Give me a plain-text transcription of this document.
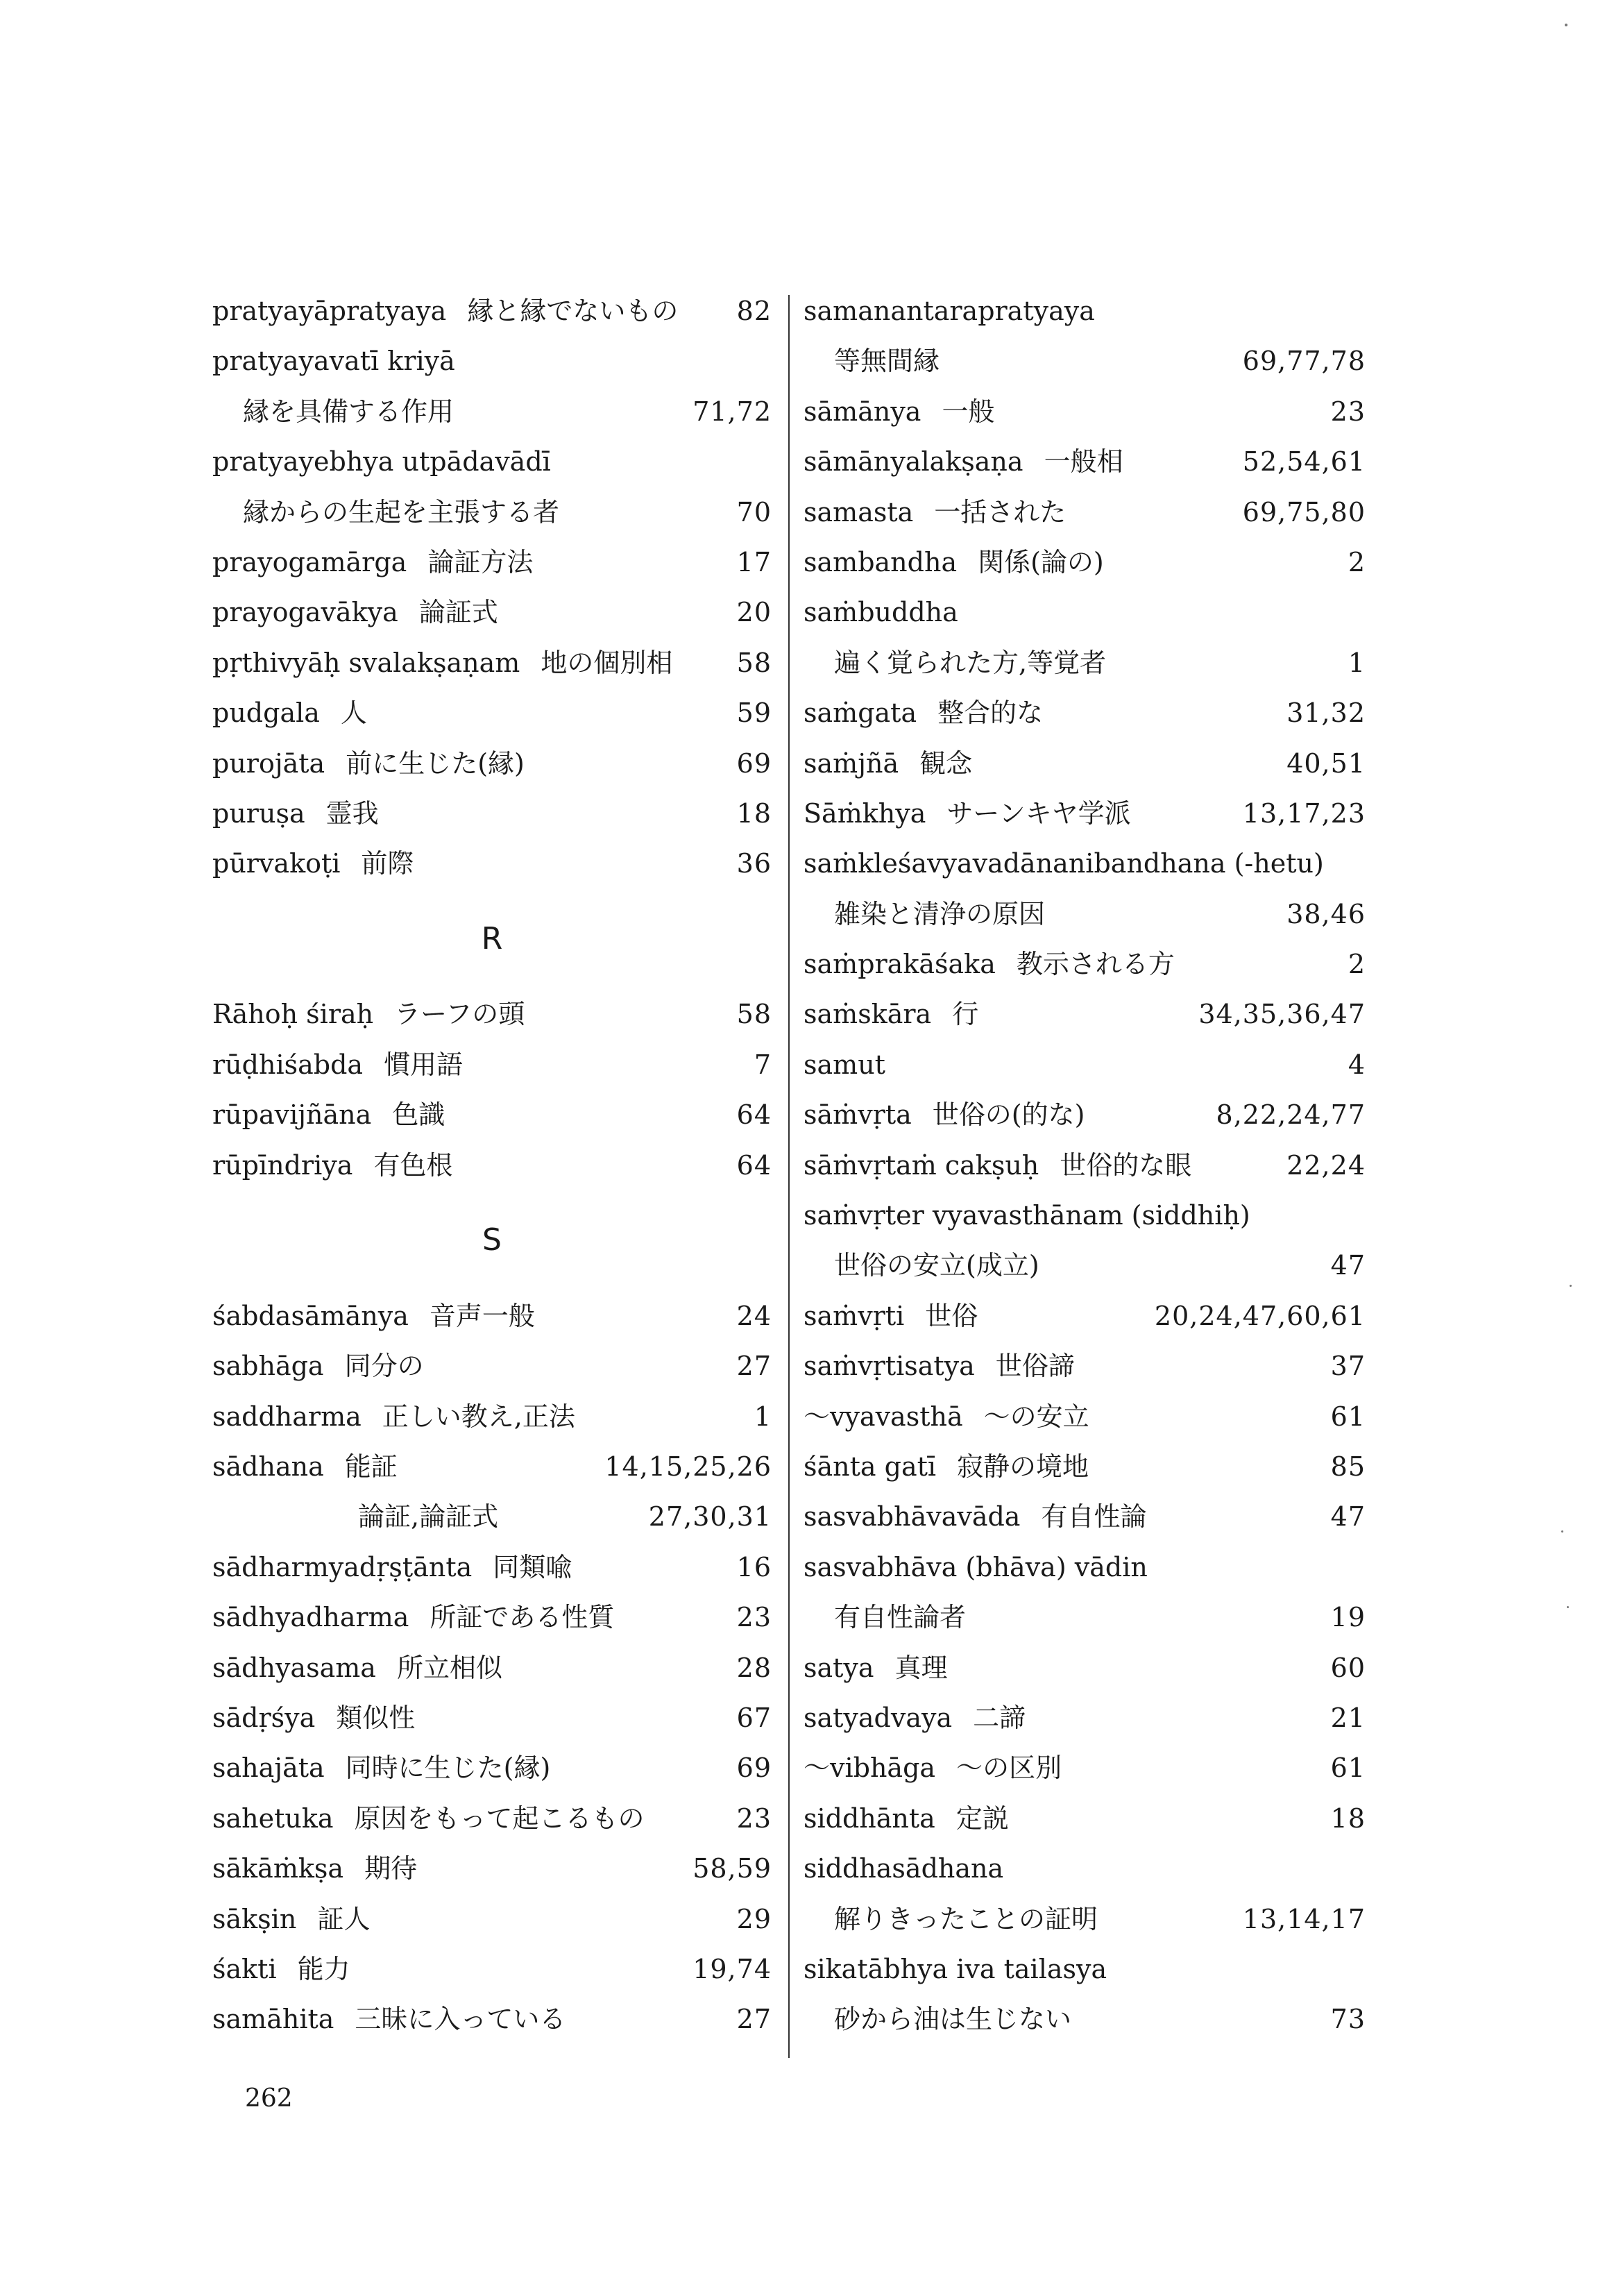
pratyayāpratyaya 縁と縁でないもの 82
pratyayavatī kriyā
縁を具備する作用	71,72
pratyayebhya utpādavādī
縁からの生起を主張する者	70
prayogamārga 論証方法	17
prayogavākya 論証式	20
pṛthivyāḥ svalakṣaṇam 地の個別相 58
pudgala 人	59
purojāta 前に生じた(縁)	69
puruṣa 霊我	18
pūrvakoṭi 前際	36
R
Rāhoḥ śiraḥ ラーフの頭	58
rūḍhiśabda 慣用語	7
rūpavijñāna 色識	64
rūpīndriya 有色根	64
S
śabdasāmānya 音声一般	24
sabhāga 同分の	27
saddharma 正しい教え,正法	1
sādhana 能証	14,15,25,26
論証,論証式	27,30,31
sādharmyadṛṣṭānta 同類喩	16
sādhyadharma 所証である性質	23
sādhyasama 所立相似	28
sādṛśya 類似性	67
sahajāta 同時に生じた(縁)	69
sahetuka 原因をもって起こるもの	23
sākāṁkṣa 期待	58,59
sākṣin 証人	29
śakti 能力	19,74
samāhita 三昧に入っている	27
samanantarapratyaya
等無間縁	69,77,78
sāmānya 一般	23
sāmānyalakṣaṇa 一般相	52,54,61
samasta 一括された	69,75,80
sambandha 関係(論の)	2
saṁbuddha
遍く覚られた方,等覚者	1
saṁgata 整合的な	31,32
saṁjñā 観念	40,51
Sāṁkhya サーンキヤ学派	13,17,23
saṁkleśavyavadānanibandhana (-hetu)
雑染と清浄の原因	38,46
saṁprakāśaka 教示される方	2
saṁskāra 行	34,35,36,47
samut	4
sāṁvṛta 世俗の(的な)	8,22,24,77
sāṁvṛtaṁ cakṣuḥ 世俗的な眼	22,24
saṁvṛter vyavasthānam (siddhiḥ)
世俗の安立(成立)	47
saṁvṛti 世俗	20,24,47,60,61
saṁvṛtisatya 世俗諦	37
～vyavasthā ～の安立	61
śānta gatī 寂静の境地	85
sasvabhāvavāda 有自性論	47
sasvabhāva (bhāva) vādin
有自性論者	19
satya 真理	60
satyadvaya 二諦	21
～vibhāga ～の区別	61
siddhānta 定説	18
siddhasādhana
解りきったことの証明	13,14,17
sikatābhya iva tailasya
砂から油は生じない	73
262
